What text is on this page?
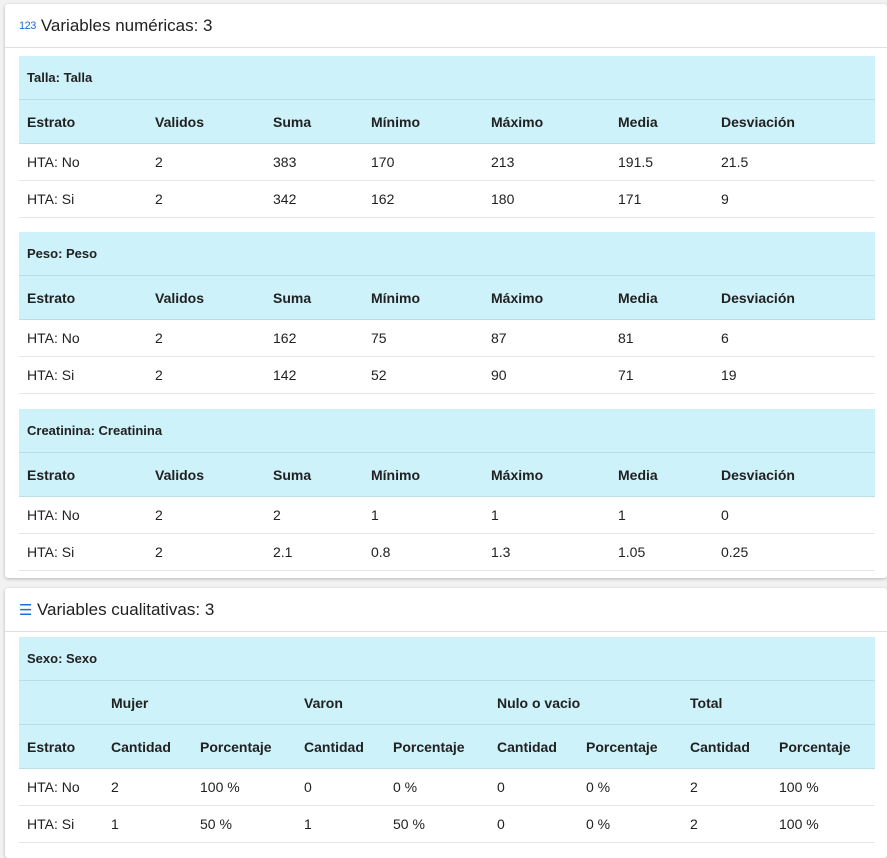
123 Variables numéricas: 3
Talla: Talla						
Estrato	Validos	Suma	Mínimo	Máximo	Media	Desviación
HTA: No	2	383	170	213	191.5	21.5
HTA: Si	2	342	162	180	171	9
Peso: Peso						
Estrato	Validos	Suma	Mínimo	Máximo	Media	Desviación
HTA: No	2	162	75	87	81	6
HTA: Si	2	142	52	90	71	19
Creatinina: Creatinina						
Estrato	Validos	Suma	Mínimo	Máximo	Media	Desviación
HTA: No	2	2	1	1	1	0
HTA: Si	2	2.1	0.8	1.3	1.05	0.25
☰ Variables cualitativas: 3
Sexo: Sexo								
	Mujer		Varon		Nulo o vacio		Total	
Estrato	Cantidad	Porcentaje	Cantidad	Porcentaje	Cantidad	Porcentaje	Cantidad	Porcentaje
HTA: No	2	100 %	0	0 %	0	0 %	2	100 %
HTA: Si	1	50 %	1	50 %	0	0 %	2	100 %
